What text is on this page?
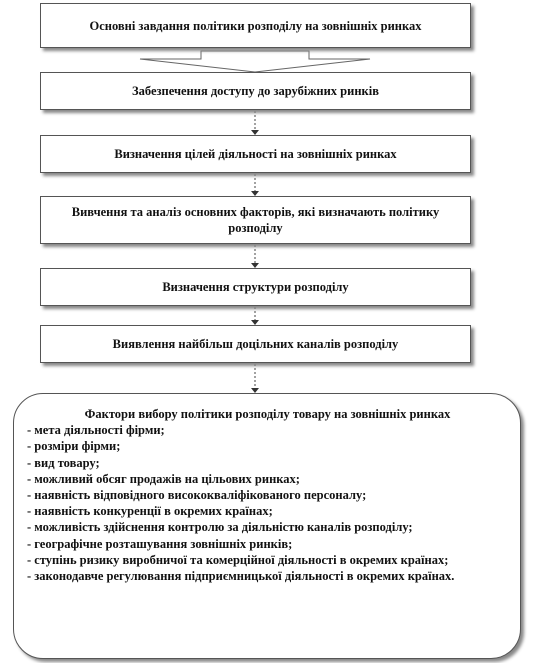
Основні завдання політики розподілу на зовнішніх ринках
Забезпечення доступу до зарубіжних ринків
Визначення цілей діяльності на зовнішніх ринках
Вивчення та аналіз основних факторів, які визначають політику розподілу
Визначення структури розподілу
Виявлення найбільш доцільних каналів розподілу
Фактори вибору політики розподілу товару на зовнішніх ринках
- мета діяльності фірми;
- розміри фірми;
- вид товару;
- можливий обсяг продажів на цільових ринках;
- наявність відповідного висококваліфікованого персоналу;
- наявність конкуренції в окремих країнах;
- можливість здійснення контролю за діяльністю каналів розподілу;
- географічне розташування зовнішніх ринків;
- ступінь ризику виробничої та комерційної діяльності в окремих країнах;
- законодавче регулювання підприємницької діяльності в окремих країнах.
